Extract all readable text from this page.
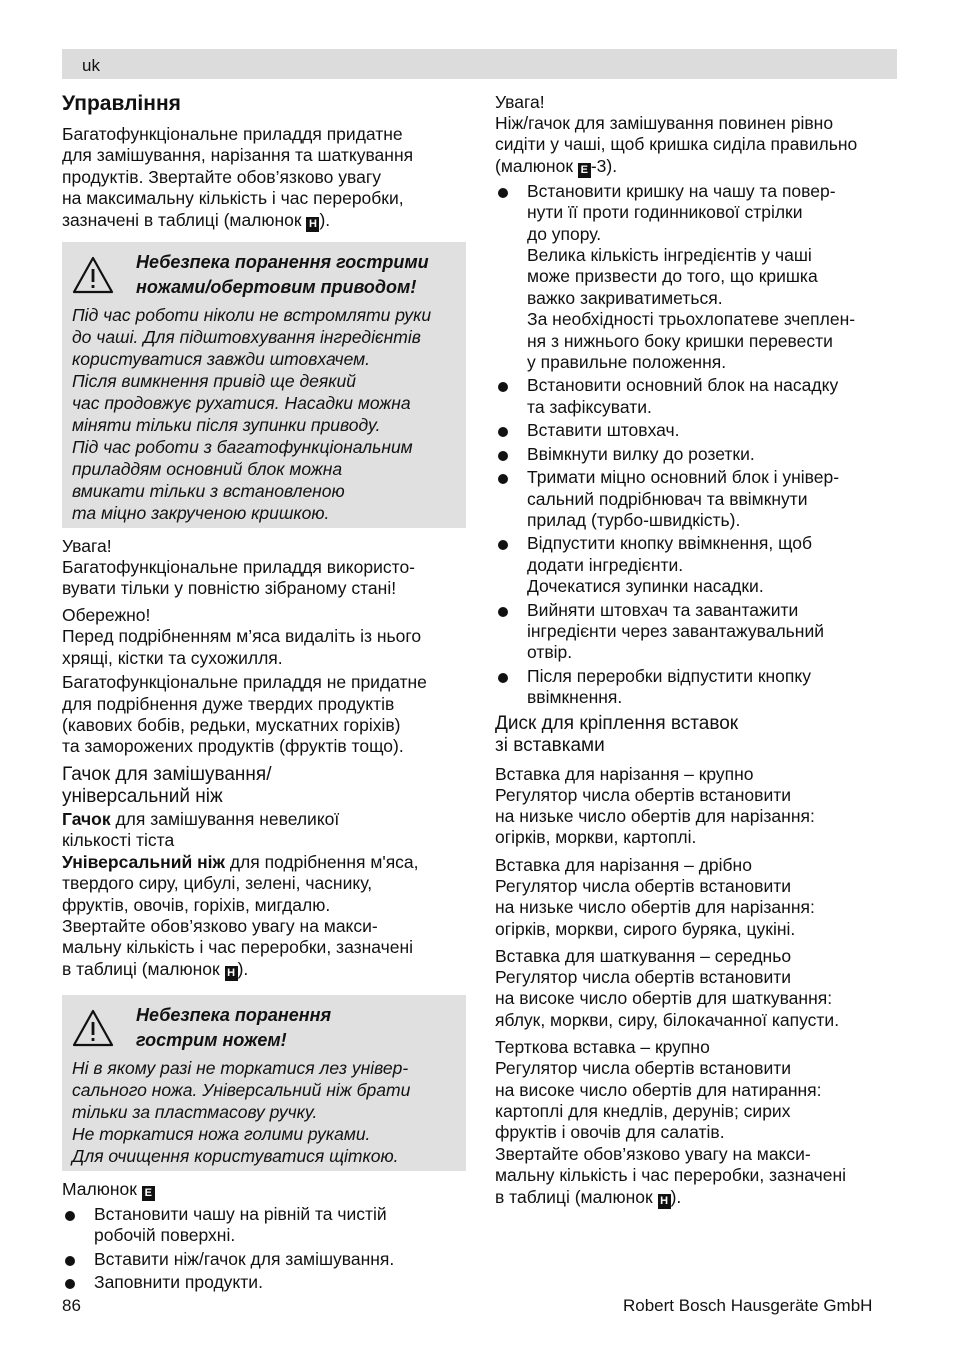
uk
Управління

Багатофункціональне приладдя придатне

для замішування, нарізання та шаткування

продуктів. Звертайте обов’язково увагу

на максимальну кількість і час переробки,

зазначені в таблиці (малюнок H ).

Небезпека поранення гострими
ножами/обертовим приводом!
Під час роботи ніколи не встромляти руки
до чаші. Для підштовхування інгредієнтів
користуватися завжди штовхачем.
Після вимкнення привід ще деякий
час продовжує рухатися. Насадки можна
міняти тільки після зупинки приводу.
Під час роботи з багатофункціональним
приладдям основний блок можна
вмикати тільки з встановленою
та міцно закрученою кришкою.

Увага!

Багатофункціональне приладдя використо-

вувати тільки у повністю зібраному стані!

Обережно!

Перед подрібненням м’яса видаліть із нього

хрящі, кістки та сухожилля.

Багатофункціональне приладдя не придатне

для подрібнення дуже твердих продуктів

(кавових бобів, редьки, мускатних горіхів)

та заморожених продуктів (фруктів тощо).

Гачок для замішування/
універсальний ніж

Гачок для замішування невеликої

кількості тіста

Універсальний ніж для подрібнення м'яса,

твердого сиру, цибулі, зелені, часнику,

фруктів, овочів, горіхів, мигдалю.

Звертайте обов’язково увагу на макси-

мальну кількість і час переробки, зазначені

в таблиці (малюнок H ).

Небезпека поранення
гострим ножем!
Ні в якому разі не торкатися лез універ-
сального ножа. Універсальний ніж брати
тільки за пластмасову ручку.
Не торкатися ножа голими руками.
Для очищення користуватися щіткою.

Малюнок E

Встановити чашу на рівній та чистій
робочій поверхні.
Вставити ніж/гачок для замішування.
Заповнити продукти.

Увага!

Ніж/гачок для замішування повинен рівно

сидіти у чаші, щоб кришка сиділа правильно

(малюнок E -3).

Встановити кришку на чашу та повер-
нути її проти годинникової стрілки
до упору.
Велика кількість інгредієнтів у чаші
може призвести до того, що кришка
важко закриватиметься.
За необхідності трьохлопатеве зчеплен-
ня з нижнього боку кришки перевести
у правильне положення.
Встановити основний блок на насадку
та зафіксувати.
Вставити штовхач.
Ввімкнути вилку до розетки.
Тримати міцно основний блок і універ-
сальний подрібнювач та ввімкнути
прилад (турбо-швидкість).
Відпустити кнопку ввімкнення, щоб
додати інгредієнти.
Дочекатися зупинки насадки.
Вийняти штовхач та завантажити
інгредієнти через завантажувальний
отвір.
Після переробки відпустити кнопку
ввімкнення.
Диск для кріплення вставок
зі вставками

Вставка для нарізання – крупно

Регулятор числа обертів встановити

на низьке число обертів для нарізання:

огірків, моркви, картоплі.

Вставка для нарізання – дрібно

Регулятор числа обертів встановити

на низьке число обертів для нарізання:

огірків, моркви, сирого буряка, цукіні.

Вставка для шаткування – середньо

Регулятор числа обертів встановити

на високе число обертів для шаткування:

яблук, моркви, сиру, білокачанної капусти.

Терткова вставка – крупно

Регулятор числа обертів встановити

на високе число обертів для натирання:

картоплі для кнедлів, дерунів; сирих

фруктів і овочів для салатів.

Звертайте обов’язково увагу на макси-

мальну кількість і час переробки, зазначені

в таблиці (малюнок H ).

86	Robert Bosch Hausgeräte GmbH
